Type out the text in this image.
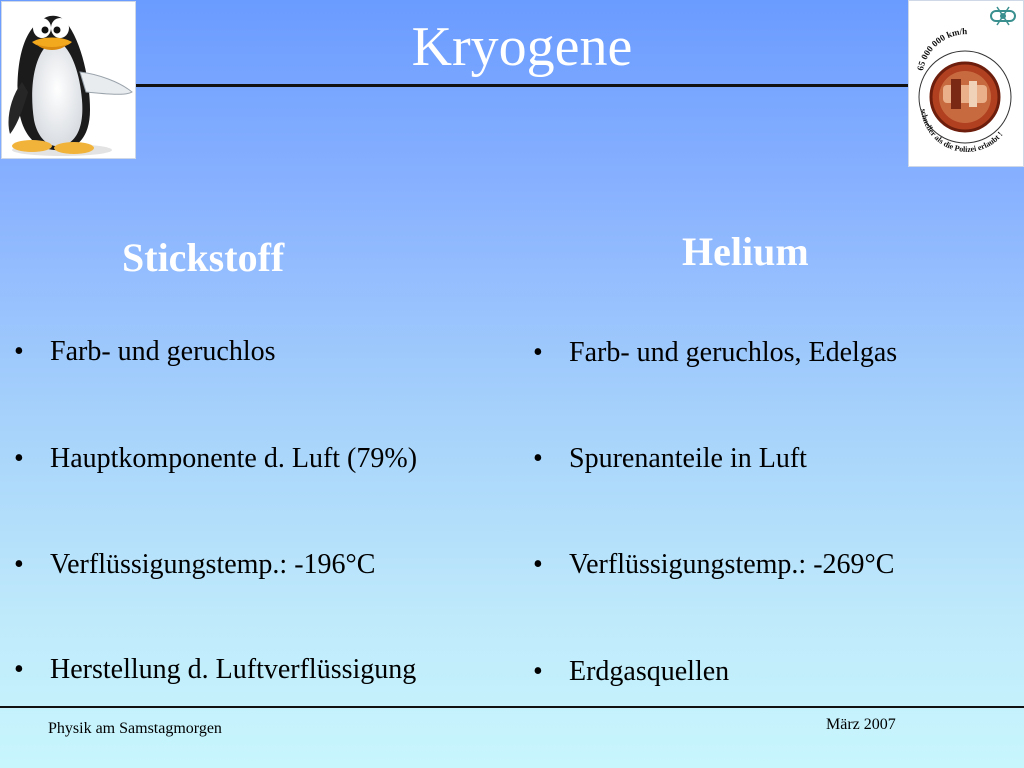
65 000 000 km/h
schneller als die Polizei erlaubt !
Kryogene
Stickstoff	Helium
• Farb- und geruchlos
• Hauptkomponente d. Luft (79%)
• Verflüssigungstemp.: -196°C
• Herstellung d. Luftverflüssigung
• Farb- und geruchlos, Edelgas
• Spurenanteile in Luft
• Verflüssigungstemp.: -269°C
• Erdgasquellen
Physik am Samstagmorgen	März 2007
